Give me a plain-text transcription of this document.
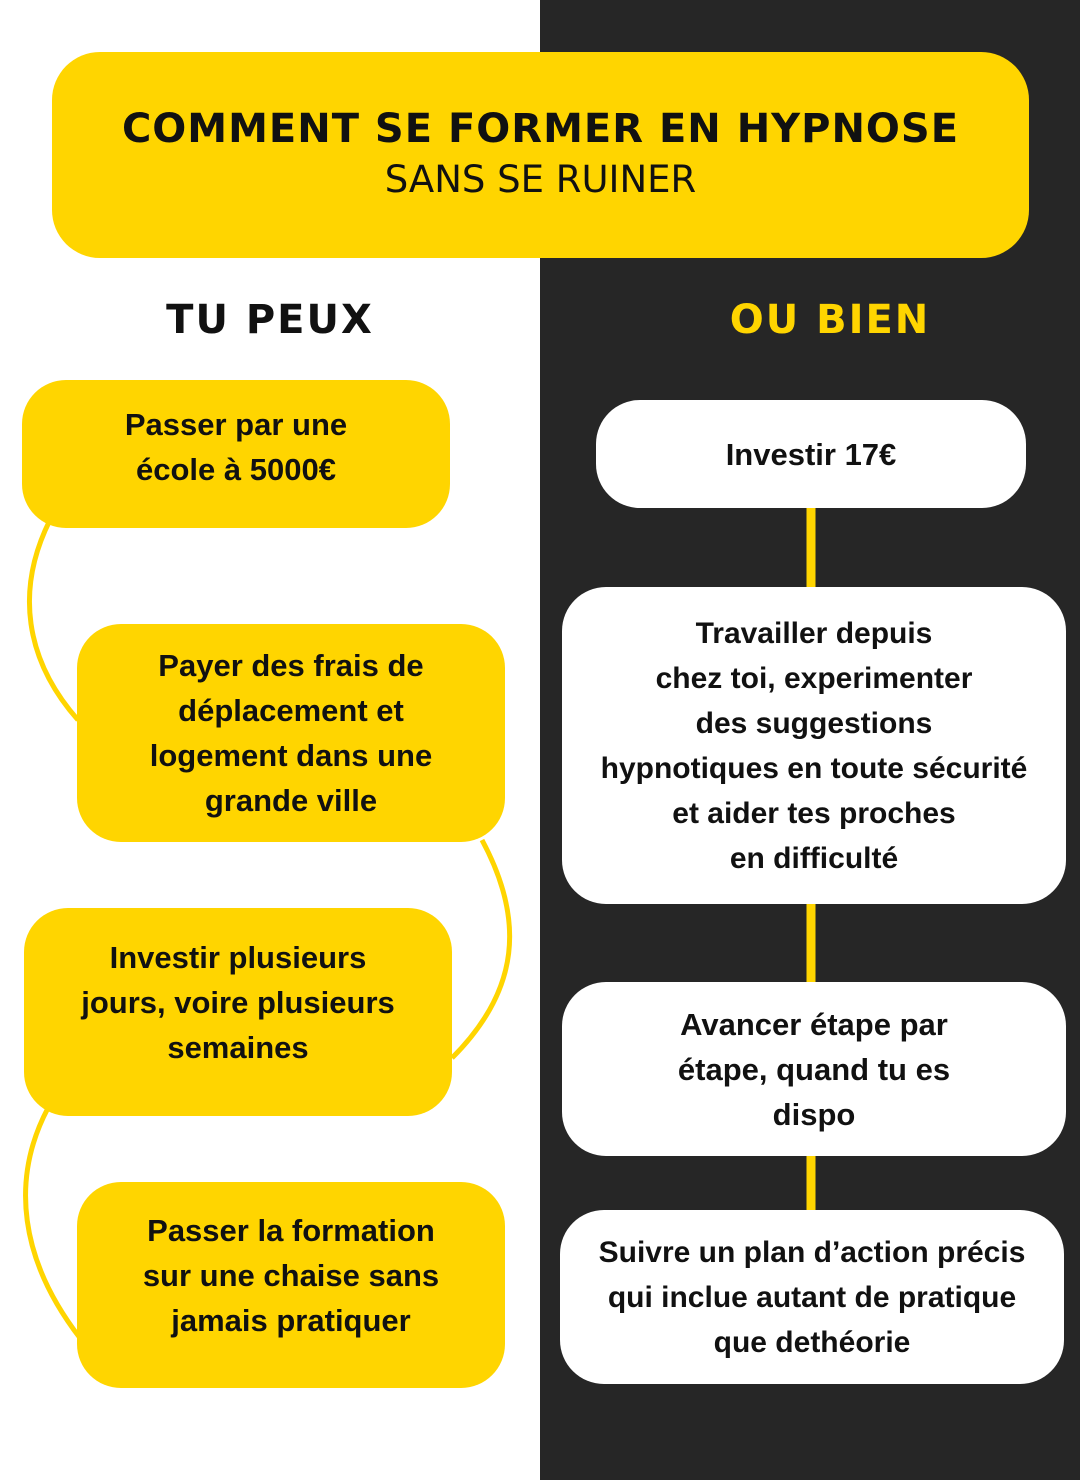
COMMENT SE FORMER EN HYPNOSE
SANS SE RUINER
TU PEUX	OU BIEN
Passer par une
école à 5000€
Payer des frais de
déplacement et
logement dans une
grande ville
Investir plusieurs
jours, voire plusieurs
semaines
Passer la formation
sur une chaise sans
jamais pratiquer
Investir 17€
Travailler depuis
chez toi, experimenter
des suggestions
hypnotiques en toute sécurité
et aider tes proches
en difficulté
Avancer étape par
étape, quand tu es
dispo
Suivre un plan d’action précis
qui inclue autant de pratique
que dethéorie
